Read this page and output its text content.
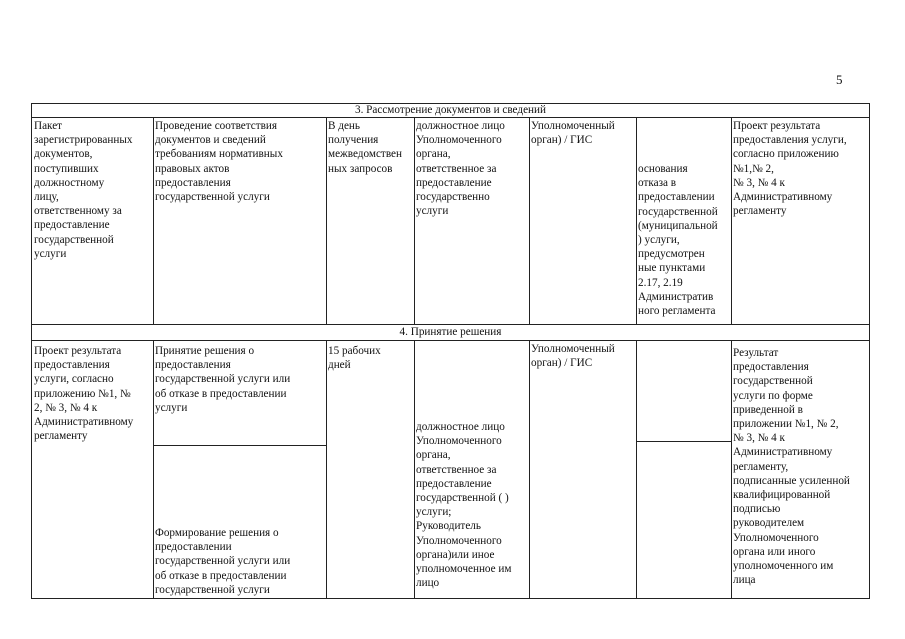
5
3. Рассмотрение документов и сведений
Пакет
зарегистрированных
документов,
поступивших
должностному
лицу,
ответственному за
предоставление
государственной
услуги
Проведение соответствия
документов и сведений
требованиям нормативных
правовых актов
предоставления
государственной услуги
В день
получения
межведомствен
ных запросов
должностное лицо
Уполномоченного
органа,
ответственное за
предоставление
государственно
услуги
Уполномоченный
орган) / ГИС
основания
отказа в
предоставлении
государственной
(муниципальной
) услуги,
предусмотрен
ные пунктами
2.17, 2.19
Административ
ного регламента
Проект результата
предоставления услуги,
согласно приложению
№1,№ 2,
№ 3, № 4 к
Административному
регламенту
4. Принятие решения
Проект результата
предоставления
услуги, согласно
приложению №1, №
2, № 3, № 4 к
Административному
регламенту
Принятие решения о
предоставления
государственной услуги или
об отказе в предоставлении
услуги
Формирование решения о
предоставлении
государственной услуги или
об отказе в предоставлении
государственной услуги
15 рабочих
дней
должностное лицо
Уполномоченного
органа,
ответственное за
предоставление
государственной ( )
услуги;
Руководитель
Уполномоченного
органа)или иное
уполномоченное им
лицо
Уполномоченный
орган) / ГИС
Результат
предоставления
государственной
услуги по форме
приведенной в
приложении №1, № 2,
№ 3, № 4 к
Административному
регламенту,
подписанные усиленной
квалифицированной
подписью
руководителем
Уполномоченного
органа или иного
уполномоченного им
лица
